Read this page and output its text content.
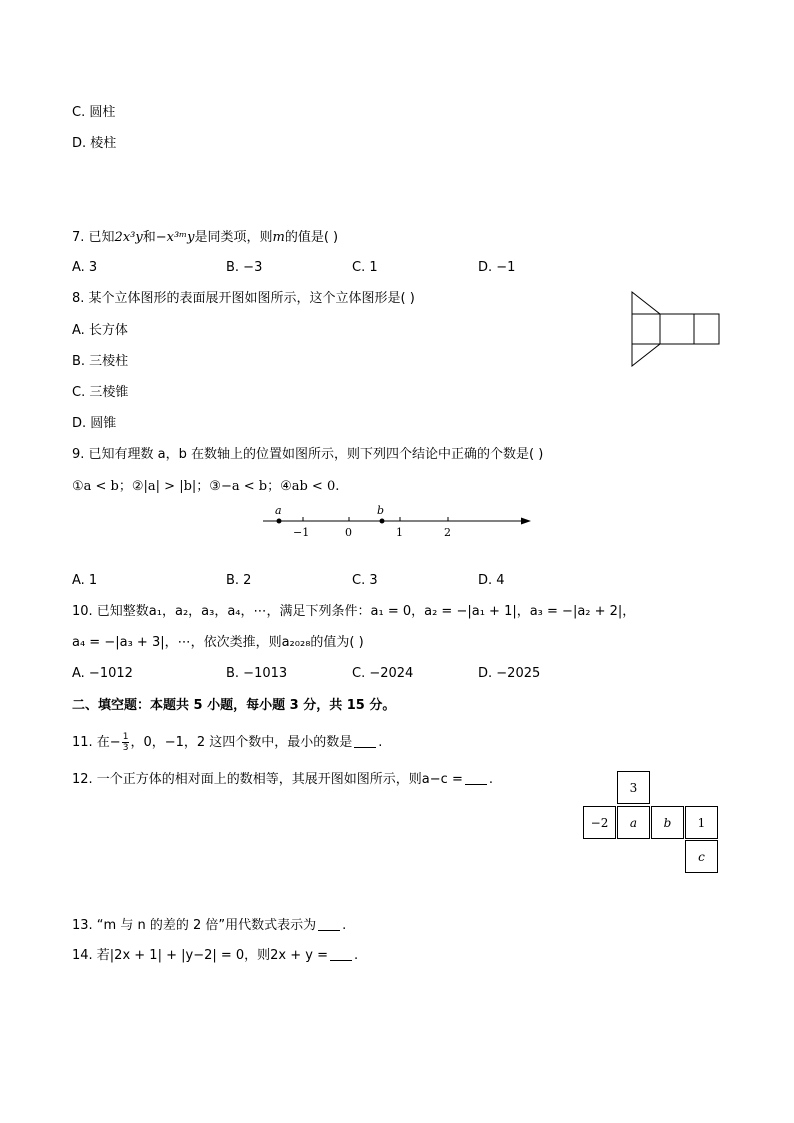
C. 圆柱
D. 棱柱
7. 已知2x³y和−x³ᵐy是同类项，则m的值是( )
A. 3	B. −3	C. 1	D. −1
8. 某个立体图形的表面展开图如图所示，这个立体图形是( )
A. 长方体
B. 三棱柱
C. 三棱锥
D. 圆锥
9. 已知有理数 a，b 在数轴上的位置如图所示，则下列四个结论中正确的个数是( )
①a < b；②|a| > |b|；③−a < b；④ab < 0.
a	b
−1	0	1	2
A. 1	B. 2	C. 3	D. 4
10. 已知整数a₁，a₂，a₃，a₄，⋯，满足下列条件：a₁ = 0，a₂ = −|a₁ + 1|，a₃ = −|a₂ + 2|，
a₄ = −|a₃ + 3|，⋯，依次类推，则a₂₀₂₈的值为( )
A. −1012	B. −1013	C. −2024	D. −2025
二、填空题：本题共 5 小题，每小题 3 分，共 15 分。
11. 在− $\frac{1}{3}$ ，0，−1，2 这四个数中，最小的数是 .
12. 一个正方体的相对面上的数相等，其展开图如图所示，则a−c = .
3
−2	a	b	1
c
13. “m 与 n 的差的 2 倍”用代数式表示为 .
14. 若|2x + 1| + |y−2| = 0，则2x + y = .
